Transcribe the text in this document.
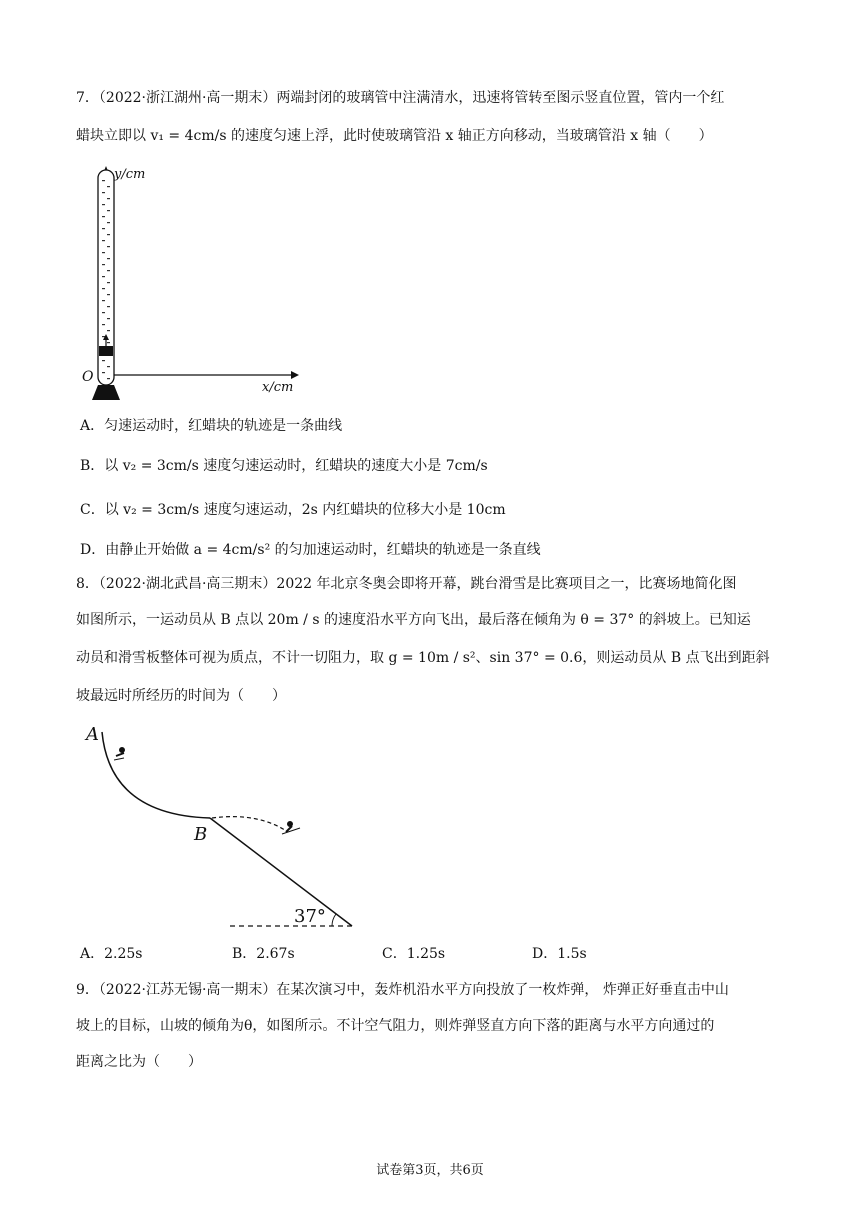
7．（2022·浙江湖州·高一期末）两端封闭的玻璃管中注满清水，迅速将管转至图示竖直位置，管内一个红
蜡块立即以 v₁ = 4cm/s 的速度匀速上浮，此时使玻璃管沿 x 轴正方向移动，当玻璃管沿 x 轴（　　）
y/cm
x/cm
O
A．匀速运动时，红蜡块的轨迹是一条曲线
B．以 v₂ = 3cm/s 速度匀速运动时，红蜡块的速度大小是 7cm/s
C．以 v₂ = 3cm/s 速度匀速运动，2s 内红蜡块的位移大小是 10cm
D．由静止开始做 a = 4cm/s² 的匀加速运动时，红蜡块的轨迹是一条直线
8．（2022·湖北武昌·高三期末）2022 年北京冬奥会即将开幕，跳台滑雪是比赛项目之一，比赛场地简化图
如图所示，一运动员从 B 点以 20m / s 的速度沿水平方向飞出，最后落在倾角为 θ = 37° 的斜坡上。已知运
动员和滑雪板整体可视为质点，不计一切阻力，取 g = 10m / s²、sin 37° = 0.6，则运动员从 B 点飞出到距斜
坡最远时所经历的时间为（　　）
A
B
37°
A．2.25s	B．2.67s	C．1.25s	D．1.5s
9．（2022·江苏无锡·高一期末）在某次演习中，轰炸机沿水平方向投放了一枚炸弹， 炸弹正好垂直击中山
坡上的目标，山坡的倾角为θ，如图所示。不计空气阻力，则炸弹竖直方向下落的距离与水平方向通过的
距离之比为（　　）
试卷第3页，共6页
